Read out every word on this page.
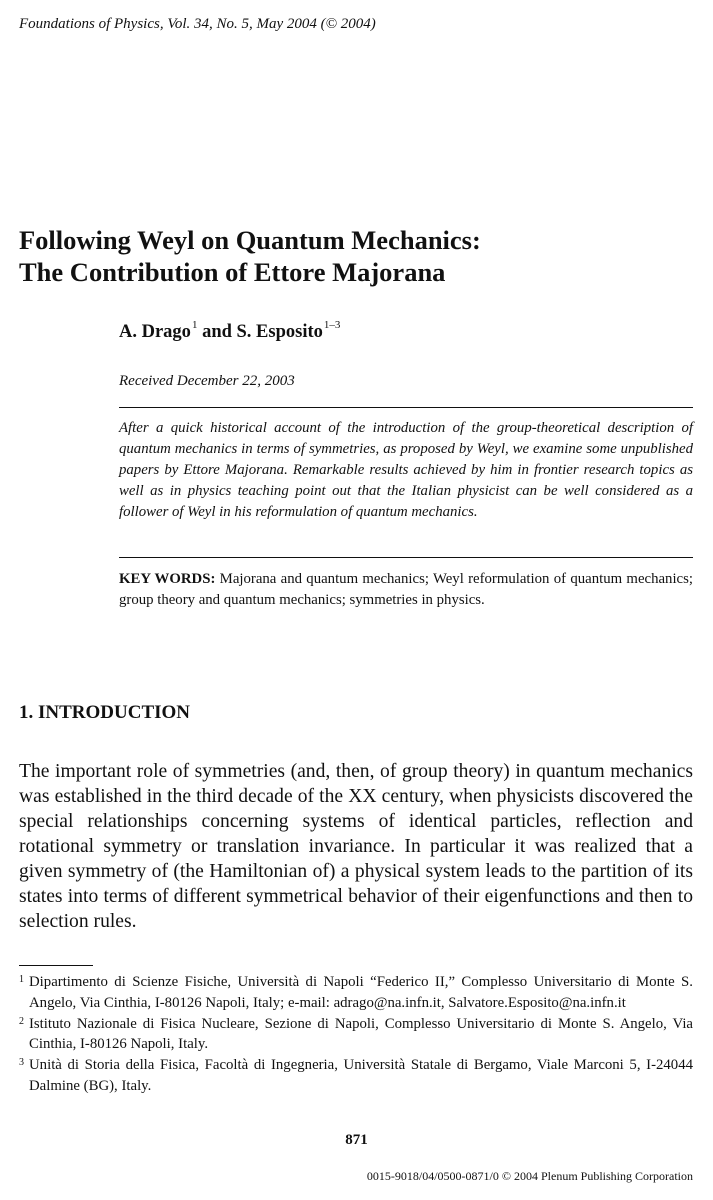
Foundations of Physics, Vol. 34, No. 5, May 2004 (© 2004)
Following Weyl on Quantum Mechanics:
The Contribution of Ettore Majorana
A. Drago$^1$ and S. Esposito$^{1-3}$
Received December 22, 2003
After a quick historical account of the introduction of the group-theoretical description of quantum mechanics in terms of symmetries, as proposed by Weyl, we examine some unpublished papers by Ettore Majorana. Remarkable results achieved by him in frontier research topics as well as in physics teaching point out that the Italian physicist can be well considered as a follower of Weyl in his reformulation of quantum mechanics.
KEY WORDS: Majorana and quantum mechanics; Weyl reformulation of quantum mechanics; group theory and quantum mechanics; symmetries in physics.
1. INTRODUCTION

The important role of symmetries (and, then, of group theory) in quantum mechanics was established in the third decade of the XX century, when physicists discovered the special relationships concerning systems of identical particles, reflection and rotational symmetry or translation invariance. In particular it was realized that a given symmetry of (the Hamiltonian of) a physical system leads to the partition of its states into terms of different symmetrical behavior of their eigenfunctions and then to selection rules.

1 Dipartimento di Scienze Fisiche, Università di Napoli “Federico II,” Complesso Universitario di Monte S. Angelo, Via Cinthia, I-80126 Napoli, Italy; e-mail: adrago@na.infn.it, Salvatore.Esposito@na.infn.it
2 Istituto Nazionale di Fisica Nucleare, Sezione di Napoli, Complesso Universitario di Monte S. Angelo, Via Cinthia, I-80126 Napoli, Italy.
3 Unità di Storia della Fisica, Facoltà di Ingegneria, Università Statale di Bergamo, Viale Marconi 5, I-24044 Dalmine (BG), Italy.
871
0015-9018/04/0500-0871/0 © 2004 Plenum Publishing Corporation
